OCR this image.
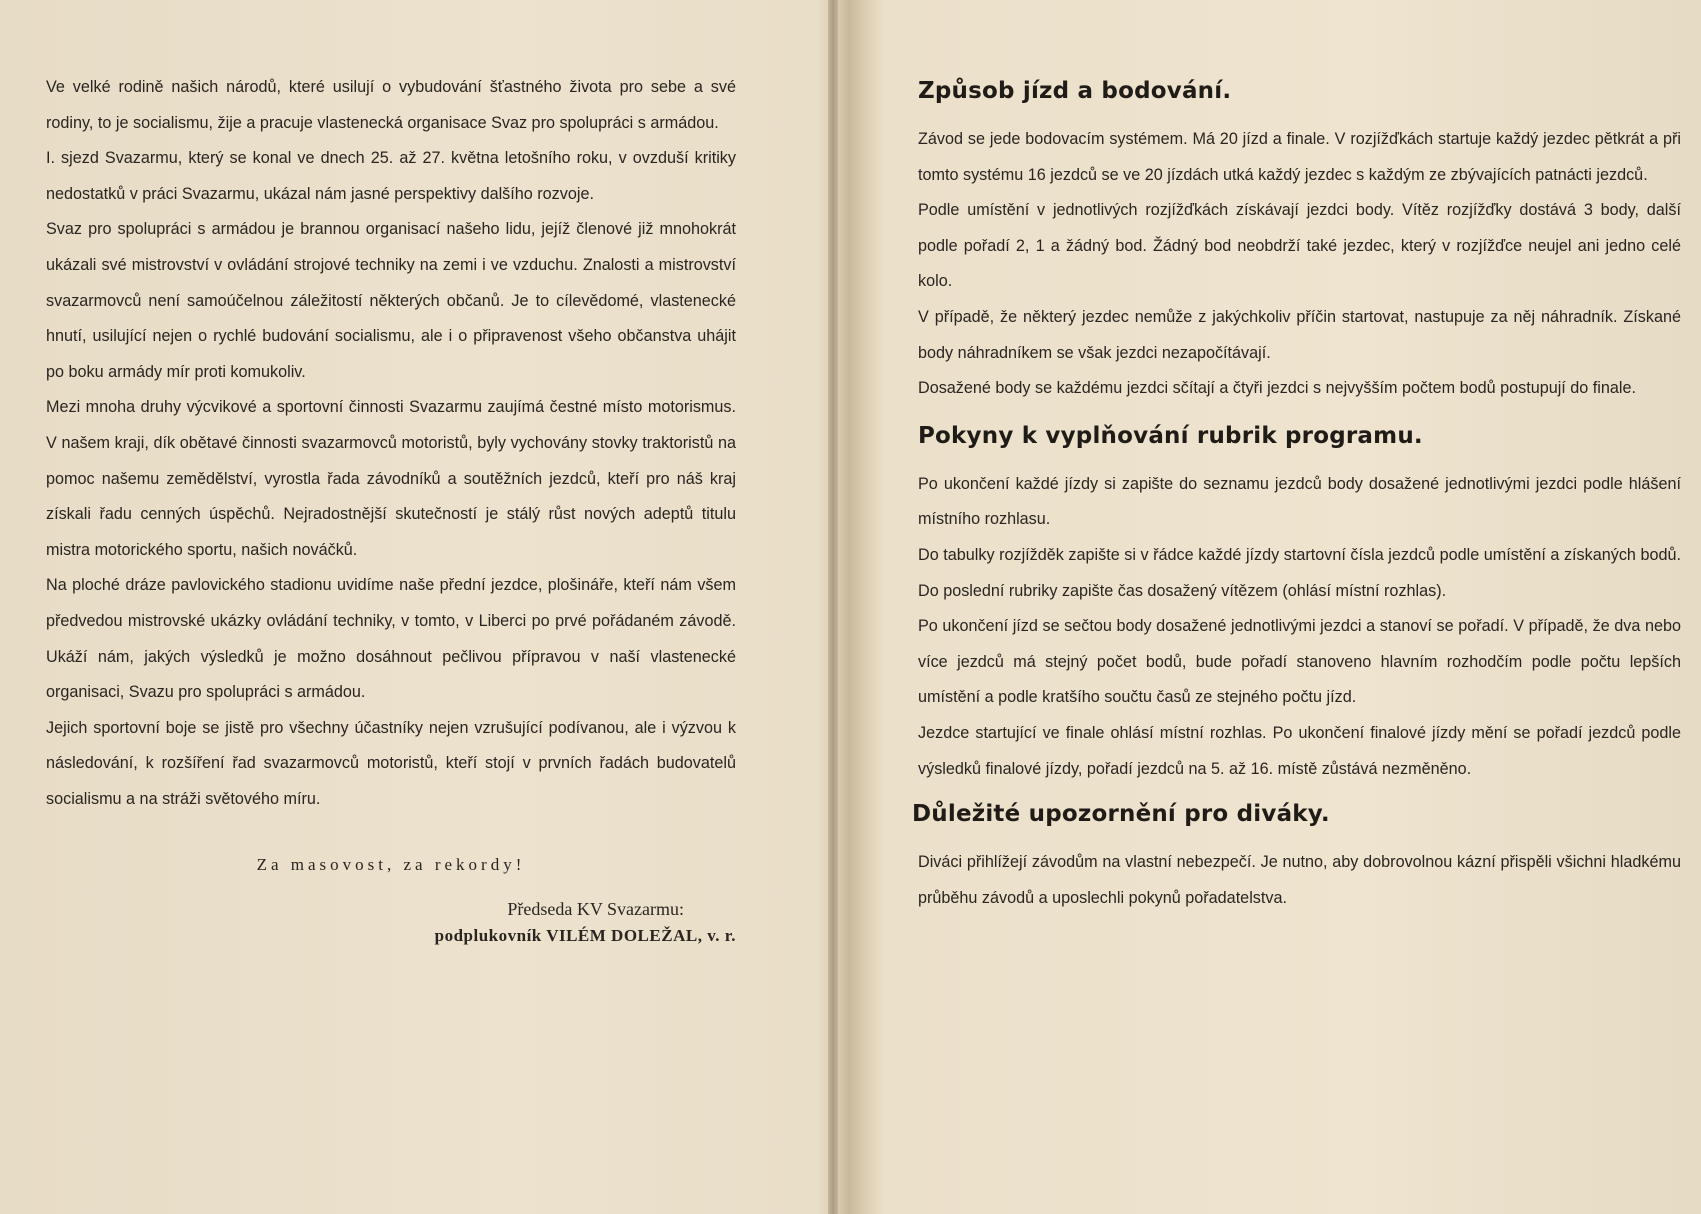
Ve velké rodině našich národů, které usilují o vybudování šťastného života pro sebe a své rodiny, to je socialismu, žije a pracuje vlastenecká organisace Svaz pro spolupráci s armádou.

I. sjezd Svazarmu, který se konal ve dnech 25. až 27. května letošního roku, v ovzduší kritiky nedostatků v práci Svazarmu, ukázal nám jasné perspektivy dalšího rozvoje.

Svaz pro spolupráci s armádou je brannou organisací našeho lidu, jejíž členové již mnohokrát ukázali své mistrovství v ovládání strojové techniky na zemi i ve vzduchu. Znalosti a mistrovství svazarmovců není samoúčelnou záležitostí některých občanů. Je to cílevědomé, vlastenecké hnutí, usilující nejen o rychlé budování socialismu, ale i o připravenost všeho občanstva uhájit po boku armády mír proti komukoliv.

Mezi mnoha druhy výcvikové a sportovní činnosti Svazarmu zaujímá čestné místo motorismus. V našem kraji, dík obětavé činnosti svazarmovců motoristů, byly vychovány stovky traktoristů na pomoc našemu zemědělství, vyrostla řada závodníků a soutěžních jezdců, kteří pro náš kraj získali řadu cenných úspěchů. Nejradostnější skutečností je stálý růst nových adeptů titulu mistra motorického sportu, našich nováčků.

Na ploché dráze pavlovického stadionu uvidíme naše přední jezdce, plošináře, kteří nám všem předvedou mistrovské ukázky ovládání techniky, v tomto, v Liberci po prvé pořádaném závodě. Ukáží nám, jakých výsledků je možno dosáhnout pečlivou přípravou v naší vlastenecké organisaci, Svazu pro spolupráci s armádou.

Jejich sportovní boje se jistě pro všechny účastníky nejen vzrušující podívanou, ale i výzvou k následování, k rozšíření řad svazarmovců motoristů, kteří stojí v prvních řadách budovatelů socialismu a na stráži světového míru.

Za masovost, za rekordy!
Předseda KV Svazarmu:
podplukovník VILÉM DOLEŽAL, v. r.
Způsob jízd a bodování.

Závod se jede bodovacím systémem. Má 20 jízd a finale. V rozjížďkách startuje každý jezdec pětkrát a při tomto systému 16 jezdců se ve 20 jízdách utká každý jezdec s každým ze zbývajících patnácti jezdců.

Podle umístění v jednotlivých rozjížďkách získávají jezdci body. Vítěz rozjížďky dostává 3 body, další podle pořadí 2, 1 a žádný bod. Žádný bod neobdrží také jezdec, který v rozjížďce neujel ani jedno celé kolo.

V případě, že některý jezdec nemůže z jakýchkoliv příčin startovat, nastupuje za něj náhradník. Získané body náhradníkem se však jezdci nezapočítávají.

Dosažené body se každému jezdci sčítají a čtyři jezdci s nejvyšším počtem bodů postupují do finale.

Pokyny k vyplňování rubrik programu.

Po ukončení každé jízdy si zapište do seznamu jezdců body dosažené jednotlivými jezdci podle hlášení místního rozhlasu.

Do tabulky rozjížděk zapište si v řádce každé jízdy startovní čísla jezdců podle umístění a získaných bodů. Do poslední rubriky zapište čas dosažený vítězem (ohlásí místní rozhlas).

Po ukončení jízd se sečtou body dosažené jednotlivými jezdci a stanoví se pořadí. V případě, že dva nebo více jezdců má stejný počet bodů, bude pořadí stanoveno hlavním rozhodčím podle počtu lepších umístění a podle kratšího součtu časů ze stejného počtu jízd.

Jezdce startující ve finale ohlásí místní rozhlas. Po ukončení finalové jízdy mění se pořadí jezdců podle výsledků finalové jízdy, pořadí jezdců na 5. až 16. místě zůstává nezměněno.

Důležité upozornění pro diváky.

Diváci přihlížejí závodům na vlastní nebezpečí. Je nutno, aby dobrovolnou kázní přispěli všichni hladkému průběhu závodů a uposlechli pokynů pořadatelstva.
